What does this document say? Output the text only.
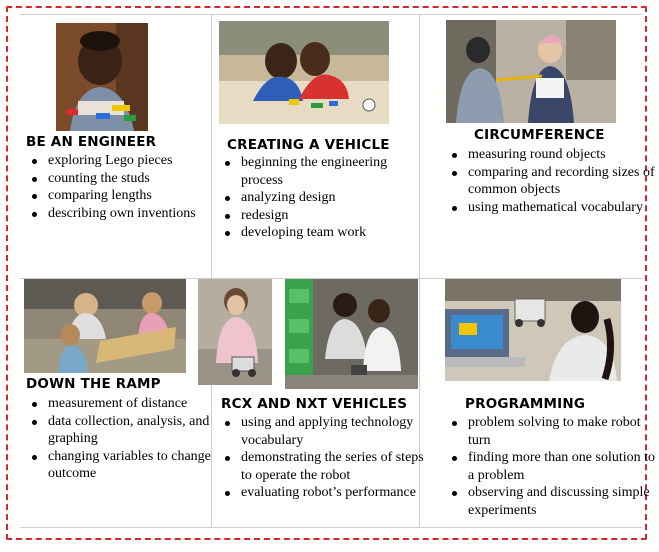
BE AN ENGINEER
exploring Lego pieces
counting the studs
comparing lengths
describing own inventions
CREATING A VEHICLE
beginning the engineering process
analyzing design
redesign
developing team work
CIRCUMFERENCE
measuring round objects
comparing and recording sizes of common objects
using mathematical vocabulary
DOWN THE RAMP
measurement of distance
data collection, analysis, and graphing
changing variables to change outcome
RCX AND NXT VEHICLES
using and applying technology vocabulary
demonstrating the series of steps to operate the robot
evaluating robot’s performance
PROGRAMMING
problem solving to make robot turn
finding more than one solution to a problem
observing and discussing simple experiments
